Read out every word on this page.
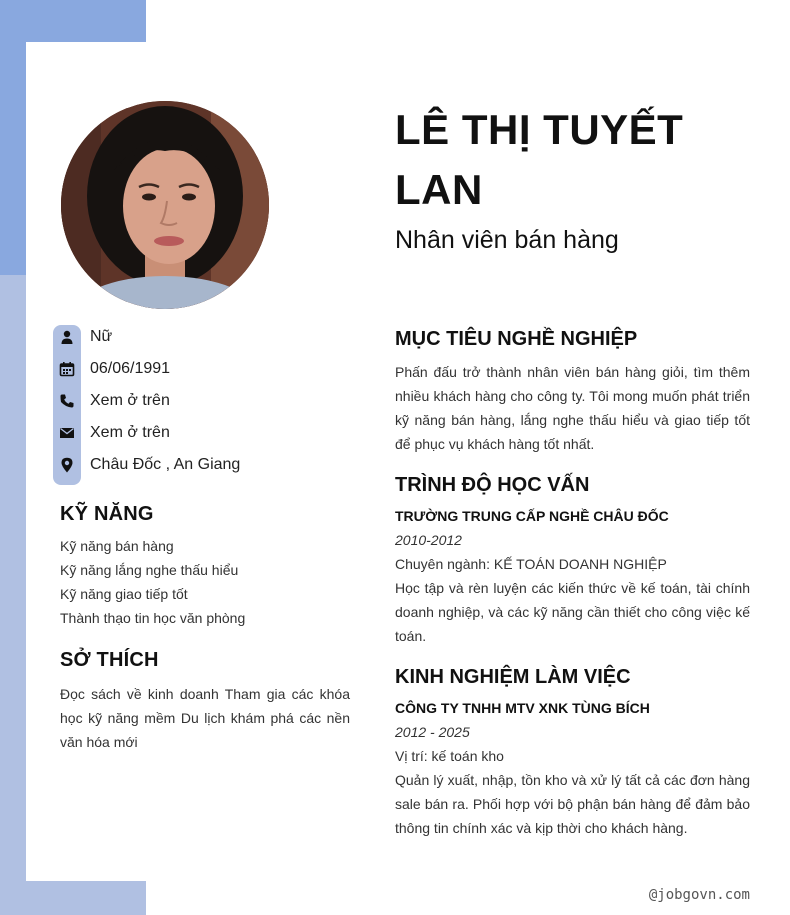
Nữ
06/06/1991
Xem ở trên
Xem ở trên
Châu Đốc , An Giang
KỸ NĂNG
Kỹ năng bán hàng
Kỹ năng lắng nghe thấu hiểu
Kỹ năng giao tiếp tốt
Thành thạo tin học văn phòng
SỞ THÍCH
Đọc sách về kinh doanh Tham gia các khóa học kỹ năng mềm Du lịch khám phá các nền văn hóa mới
LÊ THỊ TUYẾT LAN
Nhân viên bán hàng
MỤC TIÊU NGHỀ NGHIỆP
Phấn đấu trở thành nhân viên bán hàng giỏi, tìm thêm nhiều khách hàng cho công ty. Tôi mong muốn phát triển kỹ năng bán hàng, lắng nghe thấu hiểu và giao tiếp tốt để phục vụ khách hàng tốt nhất.
TRÌNH ĐỘ HỌC VẤN
TRƯỜNG TRUNG CẤP NGHỀ CHÂU ĐỐC
2010-2012
Chuyên ngành: KẾ TOÁN DOANH NGHIỆP
Học tập và rèn luyện các kiến thức về kế toán, tài chính doanh nghiệp, và các kỹ năng cần thiết cho công việc kế toán.
KINH NGHIỆM LÀM VIỆC
CÔNG TY TNHH MTV XNK TÙNG BÍCH
2012 - 2025
Vị trí: kế toán kho
Quản lý xuất, nhập, tồn kho và xử lý tất cả các đơn hàng sale bán ra. Phối hợp với bộ phận bán hàng để đảm bảo thông tin chính xác và kịp thời cho khách hàng.
@jobgovn.com
